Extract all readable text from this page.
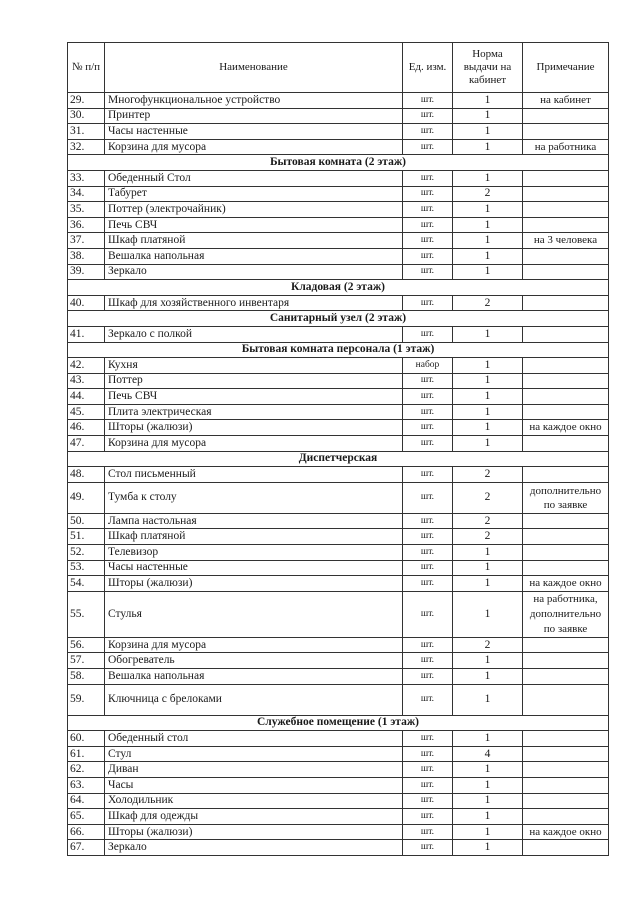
№ п/п	Наименование	Ед. изм.	Норма выдачи на кабинет	Примечание
29.	Многофункциональное устройство	шт.	1	на кабинет
30.	Принтер	шт.	1	
31.	Часы настенные	шт.	1	
32.	Корзина для мусора	шт.	1	на работника
Бытовая комната (2 этаж)				
33.	Обеденный Стол	шт.	1	
34.	Табурет	шт.	2	
35.	Поттер (электрочайник)	шт.	1	
36.	Печь СВЧ	шт.	1	
37.	Шкаф платяной	шт.	1	на 3 человека
38.	Вешалка напольная	шт.	1	
39.	Зеркало	шт.	1	
Кладовая (2 этаж)				
40.	Шкаф для хозяйственного инвентаря	шт.	2	
Санитарный узел (2 этаж)				
41.	Зеркало с полкой	шт.	1	
Бытовая комната персонала (1 этаж)				
42.	Кухня	набор	1	
43.	Поттер	шт.	1	
44.	Печь СВЧ	шт.	1	
45.	Плита электрическая	шт.	1	
46.	Шторы (жалюзи)	шт.	1	на каждое окно
47.	Корзина для мусора	шт.	1	
Диспетчерская				
48.	Стол письменный	шт.	2	
49.	Тумба к столу	шт.	2	дополнительно по заявке
50.	Лампа настольная	шт.	2	
51.	Шкаф платяной	шт.	2	
52.	Телевизор	шт.	1	
53.	Часы настенные	шт.	1	
54.	Шторы (жалюзи)	шт.	1	на каждое окно
55.	Стулья	шт.	1	на работника, дополнительно по заявке
56.	Корзина для мусора	шт.	2	
57.	Обогреватель	шт.	1	
58.	Вешалка напольная	шт.	1	
59.	Ключница с брелоками	шт.	1	
Служебное помещение (1 этаж)				
60.	Обеденный стол	шт.	1	
61.	Стул	шт.	4	
62.	Диван	шт.	1	
63.	Часы	шт.	1	
64.	Холодильник	шт.	1	
65.	Шкаф для одежды	шт.	1	
66.	Шторы (жалюзи)	шт.	1	на каждое окно
67.	Зеркало	шт.	1	
